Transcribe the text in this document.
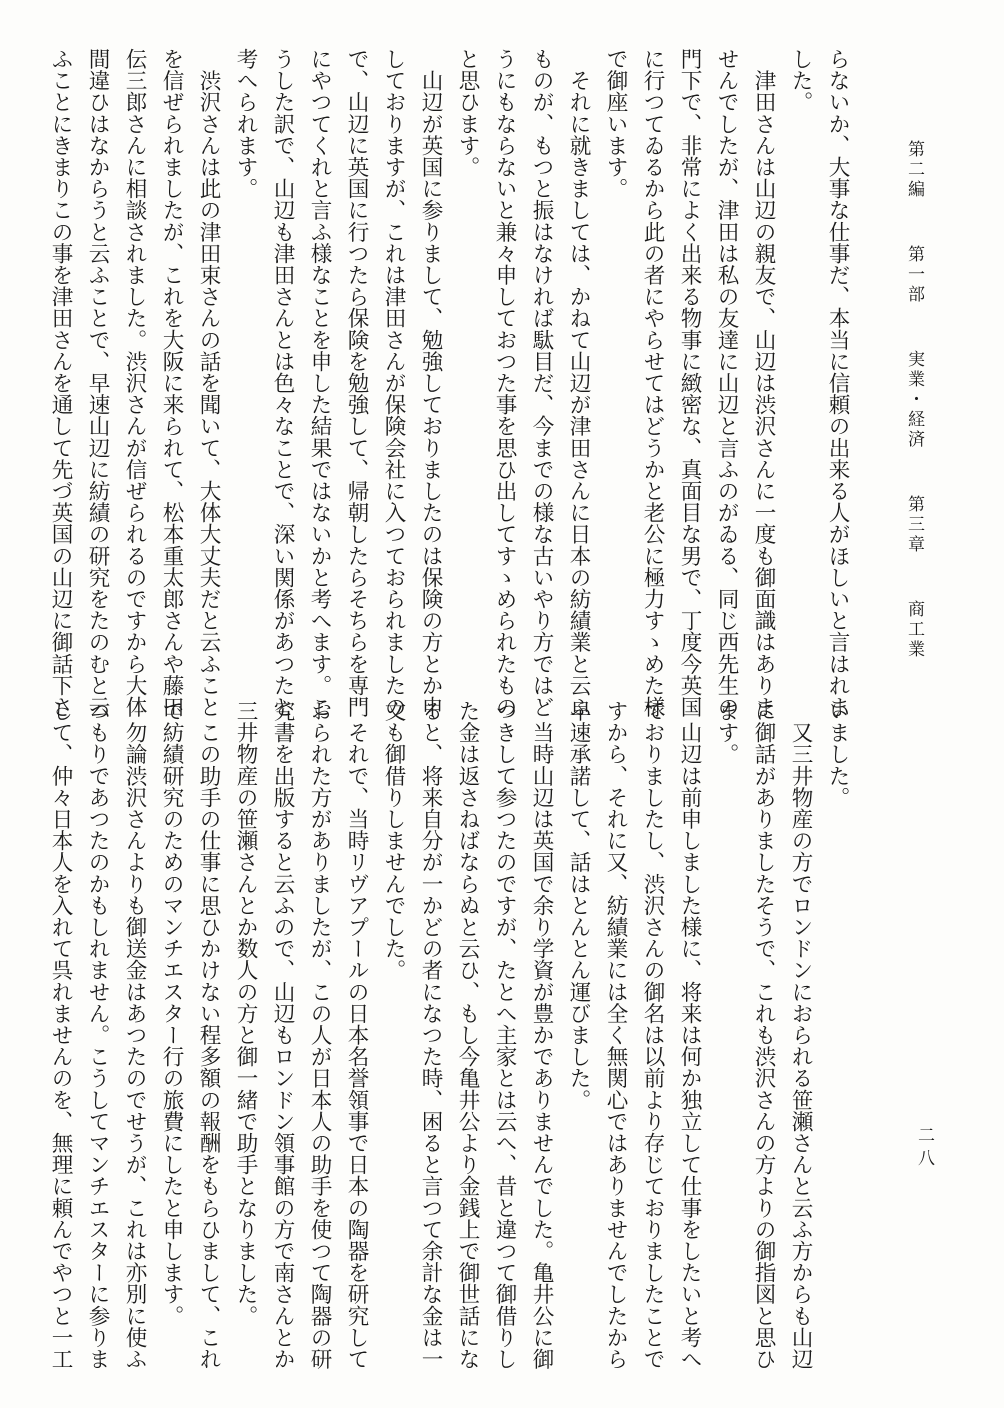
第二編
第一部
実業・経済
第三章
商工業
二八
らないか、大事な仕事だ、本当に信頼の出来る人がほしいと言はれま
した。
　津田さんは山辺の親友で、山辺は渋沢さんに一度も御面識はありま
せんでしたが、津田は私の友達に山辺と言ふのがゐる、同じ西先生の
門下で、非常によく出来る物事に緻密な、真面目な男で、丁度今英国
に行つてゐるから此の者にやらせてはどうかと老公に極力すゝめた様
で御座います。
　それに就きましては、かねて山辺が津田さんに日本の紡績業と云ふ
ものが、もつと振はなければ駄目だ、今までの様な古いやり方ではど
うにもならないと兼々申しておつた事を思ひ出してすゝめられたもの
と思ひます。
　山辺が英国に参りまして、勉強しておりましたのは保険の方とか申
しておりますが、これは津田さんが保険会社に入つておられましたの
で、山辺に英国に行つたら保険を勉強して、帰朝したらそちらを専門
にやつてくれと言ふ様なことを申した結果ではないかと考へます。こ
うした訳で、山辺も津田さんとは色々なことで、深い関係があつたと
考へられます。
　渋沢さんは此の津田束さんの話を聞いて、大体大丈夫だと云ふこと
を信ぜられましたが、これを大阪に来られて、松本重太郎さんや藤田
伝三郎さんに相談されました。渋沢さんが信ぜられるのですから大体
間違ひはなからうと云ふことで、早速山辺に紡績の研究をたのむと云
ふことにきまりこの事を津田さんを通して先づ英国の山辺に御話下さ
いました。
　又三井物産の方でロンドンにおられる笹瀬さんと云ふ方からも山辺
に御話がありましたそうで、これも渋沢さんの方よりの御指図と思ひ
ます。
　山辺は前申しました様に、将来は何か独立して仕事をしたいと考へ
ておりましたし、渋沢さんの御名は以前より存じておりましたことで
すから、それに又、紡績業には全く無関心ではありませんでしたから
早速承諾して、話はとんとん運びました。
　当時山辺は英国で余り学資が豊かでありませんでした。亀井公に御
つきして参つたのですが、たとへ主家とは云へ、昔と違つて御借りし
た金は返さねばならぬと云ひ、もし今亀井公より金銭上で御世話にな
ると、将来自分が一かどの者になつた時、困ると言つて余計な金は一
文も御借りしませんでした。
　それで、当時リヴアプールの日本名誉領事で日本の陶器を研究して
おられた方がありましたが、この人が日本人の助手を使つて陶器の研
究書を出版すると云ふので、山辺もロンドン領事館の方で南さんとか
三井物産の笹瀬さんとか数人の方と御一緒で助手となりました。
　この助手の仕事に思ひかけない程多額の報酬をもらひまして、これ
で紡績研究のためのマンチエスター行の旅費にしたと申します。
　勿論渋沢さんよりも御送金はあつたのでせうが、これは亦別に使ふ
つもりであつたのかもしれません。こうしてマンチエスターに参りま
して、仲々日本人を入れて呉れませんのを、無理に頼んでやつと一工
